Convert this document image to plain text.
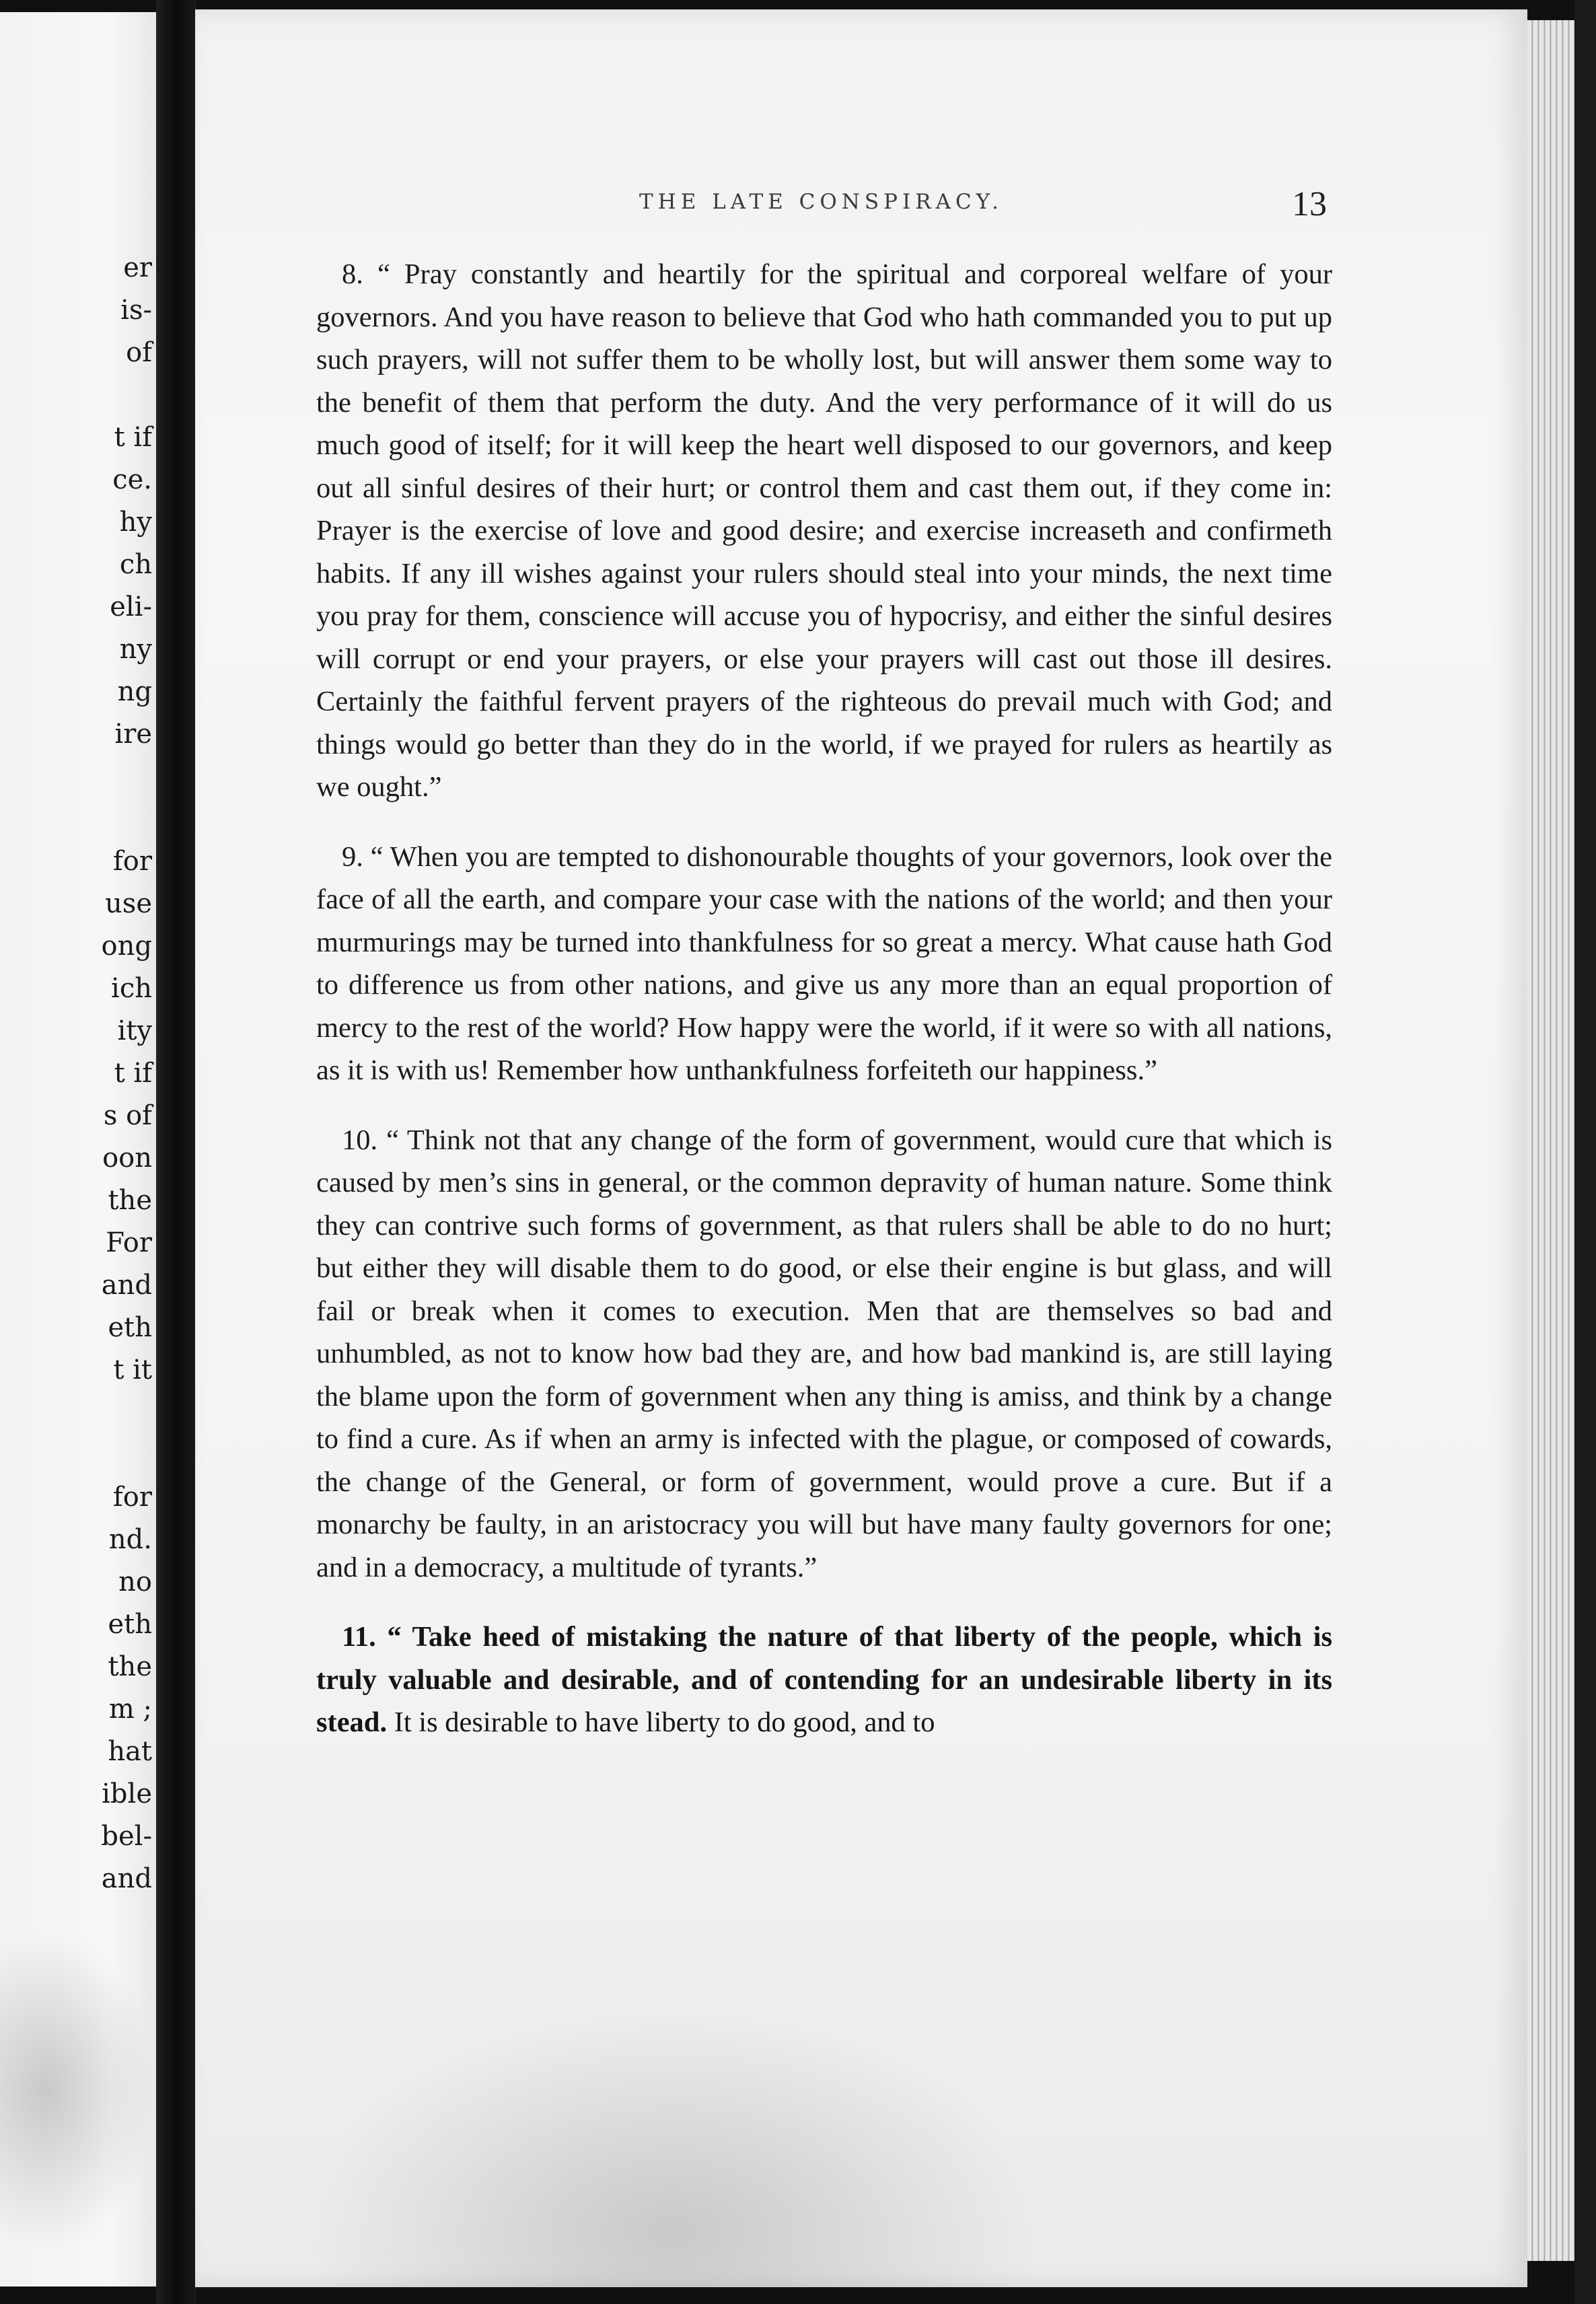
er
is-
of
t if
ce.
hy
ch
eli-
ny
ng
ire
for
use
ong
ich
ity
t if
s of
oon
the
For
and
eth
t it
for
nd.
no
eth
the
m ;
hat
ible
bel-
and
THE LATE CONSPIRACY.	13

8. “ Pray constantly and heartily for the spiritual and corporeal welfare of your governors. And you have reason to believe that God who hath commanded you to put up such prayers, will not suffer them to be wholly lost, but will answer them some way to the benefit of them that perform the duty. And the very performance of it will do us much good of itself; for it will keep the heart well disposed to our governors, and keep out all sinful desires of their hurt; or control them and cast them out, if they come in: Prayer is the exercise of love and good desire; and exercise increaseth and confirmeth habits. If any ill wishes against your rulers should steal into your minds, the next time you pray for them, conscience will accuse you of hypocrisy, and either the sinful desires will corrupt or end your prayers, or else your prayers will cast out those ill desires. Certainly the faithful fervent prayers of the righteous do prevail much with God; and things would go better than they do in the world, if we prayed for rulers as heartily as we ought.”

9. “ When you are tempted to dishonourable thoughts of your governors, look over the face of all the earth, and compare your case with the nations of the world; and then your murmurings may be turned into thankfulness for so great a mercy. What cause hath God to difference us from other nations, and give us any more than an equal proportion of mercy to the rest of the world? How happy were the world, if it were so with all nations, as it is with us! Remember how unthankfulness forfeiteth our happiness.”

10. “ Think not that any change of the form of government, would cure that which is caused by men’s sins in general, or the common depravity of human nature. Some think they can contrive such forms of government, as that rulers shall be able to do no hurt; but either they will disable them to do good, or else their engine is but glass, and will fail or break when it comes to execution. Men that are themselves so bad and unhumbled, as not to know how bad they are, and how bad mankind is, are still laying the blame upon the form of government when any thing is amiss, and think by a change to find a cure. As if when an army is infected with the plague, or composed of cowards, the change of the General, or form of government, would prove a cure. But if a monarchy be faulty, in an aristocracy you will but have many faulty governors for one; and in a democracy, a multitude of tyrants.”

11. “ Take heed of mistaking the nature of that liberty of the people, which is truly valuable and desirable, and of contending for an undesirable liberty in its stead. It is desirable to have liberty to do good, and to
